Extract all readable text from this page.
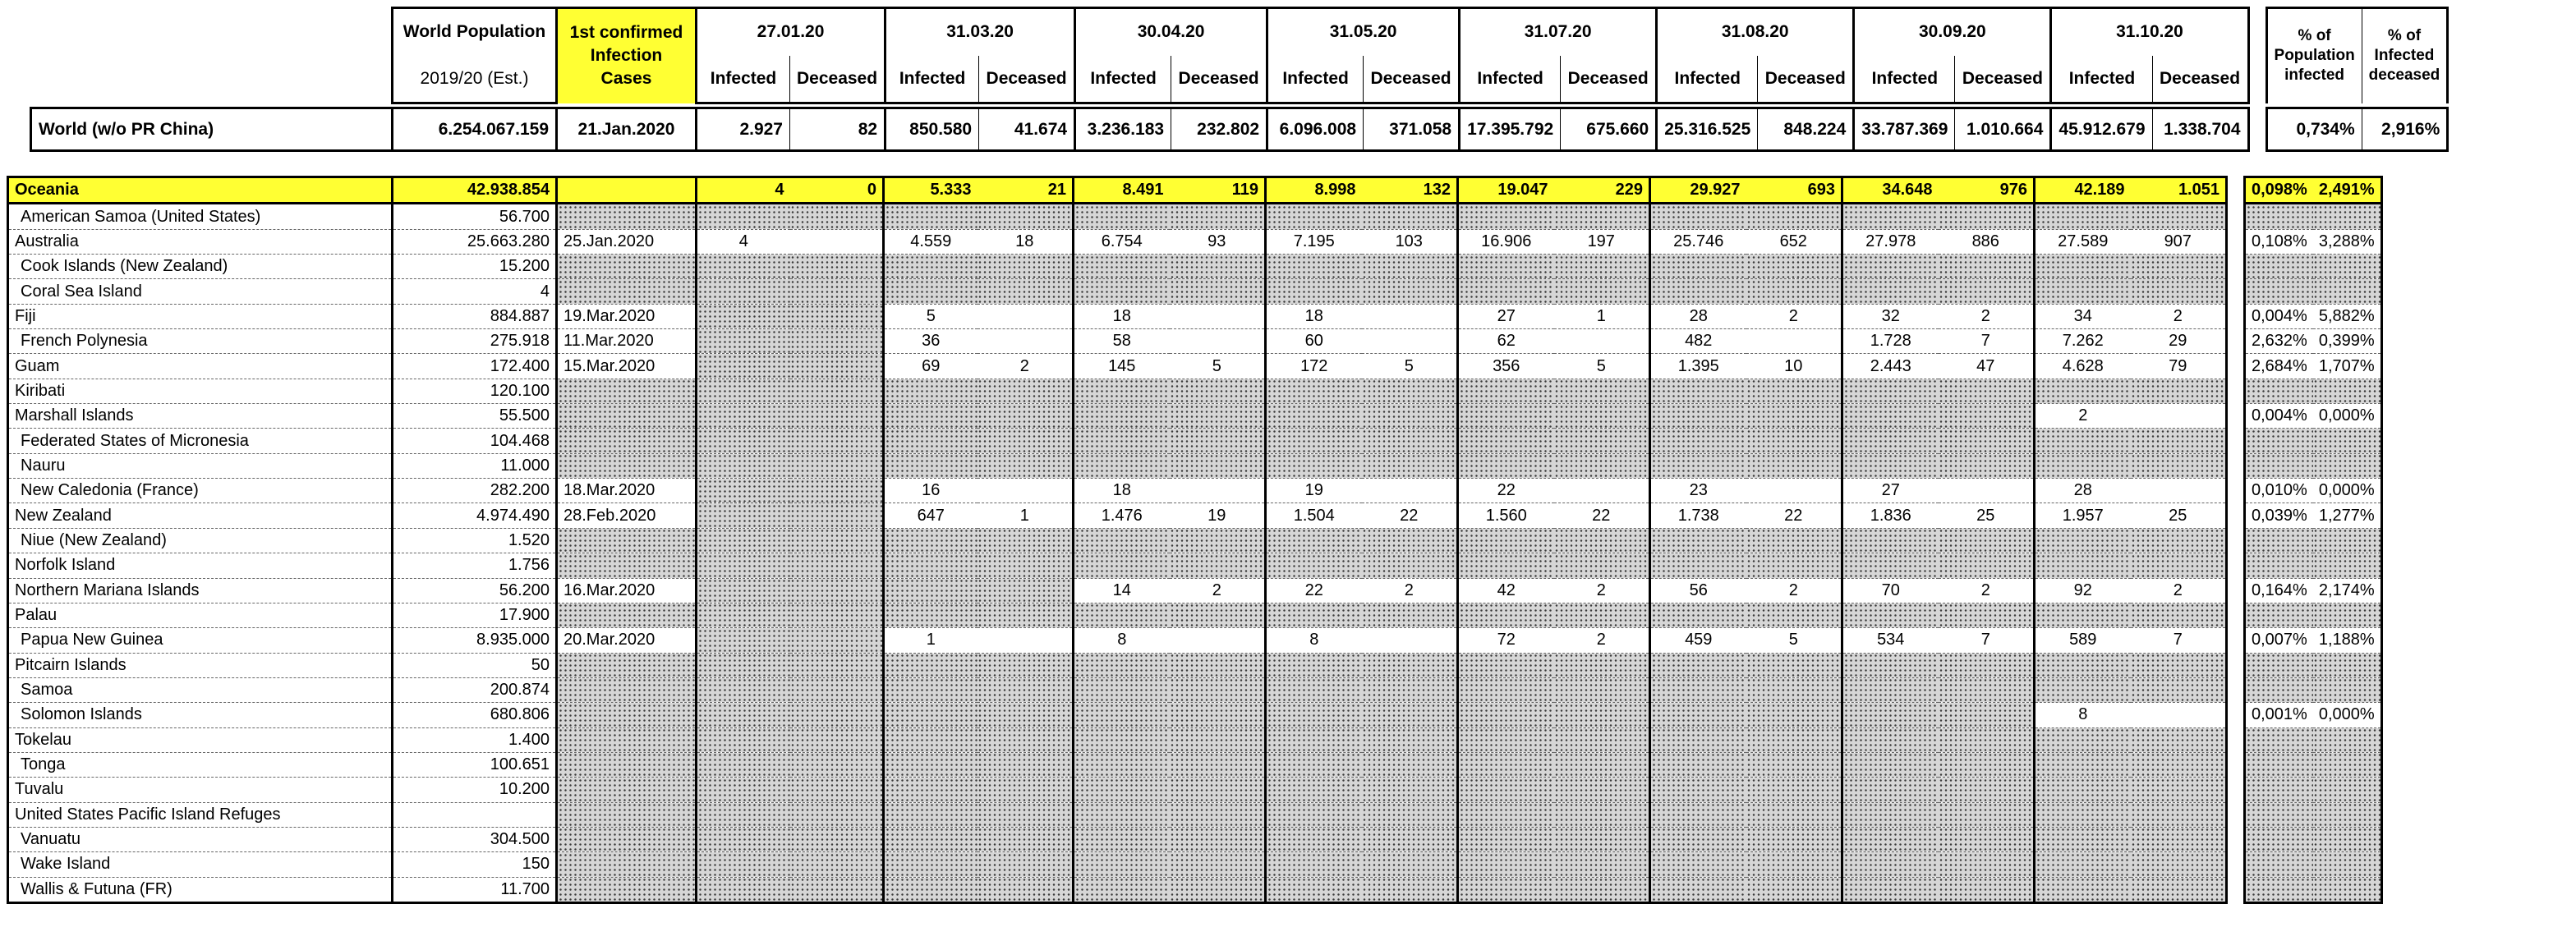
	World Population	1st confirmed Infection Cases	27.01.20		31.03.20		30.04.20		31.05.20		31.07.20		31.08.20		30.09.20		31.10.20			% of Population infected	% of Infected deceased
	2019/20 (Est.)		Infected	Deceased	Infected	Deceased	Infected	Deceased	Infected	Deceased	Infected	Deceased	Infected	Deceased	Infected	Deceased	Infected	Deceased			

World (w/o PR China)	6.254.067.159	21.Jan.2020	2.927	82	850.580	41.674	3.236.183	232.802	6.096.008	371.058	17.395.792	675.660	25.316.525	848.224	33.787.369	1.010.664	45.912.679	1.338.704		0,734%	2,916%
Oceania	42.938.854		4	0	5.333	21	8.491	119	8.998	132	19.047	229	29.927	693	34.648	976	42.189	1.051		0,098%	2,491%
American Samoa (United States)	56.700																				
Australia	25.663.280	25.Jan.2020	4		4.559	18	6.754	93	7.195	103	16.906	197	25.746	652	27.978	886	27.589	907		0,108%	3,288%
Cook Islands (New Zealand)	15.200																				
Coral Sea Island	4																				
Fiji	884.887	19.Mar.2020			5		18		18		27	1	28	2	32	2	34	2		0,004%	5,882%
French Polynesia	275.918	11.Mar.2020			36		58		60		62		482		1.728	7	7.262	29		2,632%	0,399%
Guam	172.400	15.Mar.2020			69	2	145	5	172	5	356	5	1.395	10	2.443	47	4.628	79		2,684%	1,707%
Kiribati	120.100																				
Marshall Islands	55.500																2			0,004%	0,000%
Federated States of Micronesia	104.468																				
Nauru	11.000																				
New Caledonia (France)	282.200	18.Mar.2020			16		18		19		22		23		27		28			0,010%	0,000%
New Zealand	4.974.490	28.Feb.2020			647	1	1.476	19	1.504	22	1.560	22	1.738	22	1.836	25	1.957	25		0,039%	1,277%
Niue (New Zealand)	1.520																				
Norfolk Island	1.756																				
Northern Mariana Islands	56.200	16.Mar.2020					14	2	22	2	42	2	56	2	70	2	92	2		0,164%	2,174%
Palau	17.900																				
Papua New Guinea	8.935.000	20.Mar.2020			1		8		8		72	2	459	5	534	7	589	7		0,007%	1,188%
Pitcairn Islands	50																				
Samoa	200.874																				
Solomon Islands	680.806																8			0,001%	0,000%
Tokelau	1.400																				
Tonga	100.651																				
Tuvalu	10.200																				
United States Pacific Island Refuges																					
Vanuatu	304.500																				
Wake Island	150																				
Wallis & Futuna (FR)	11.700																				
